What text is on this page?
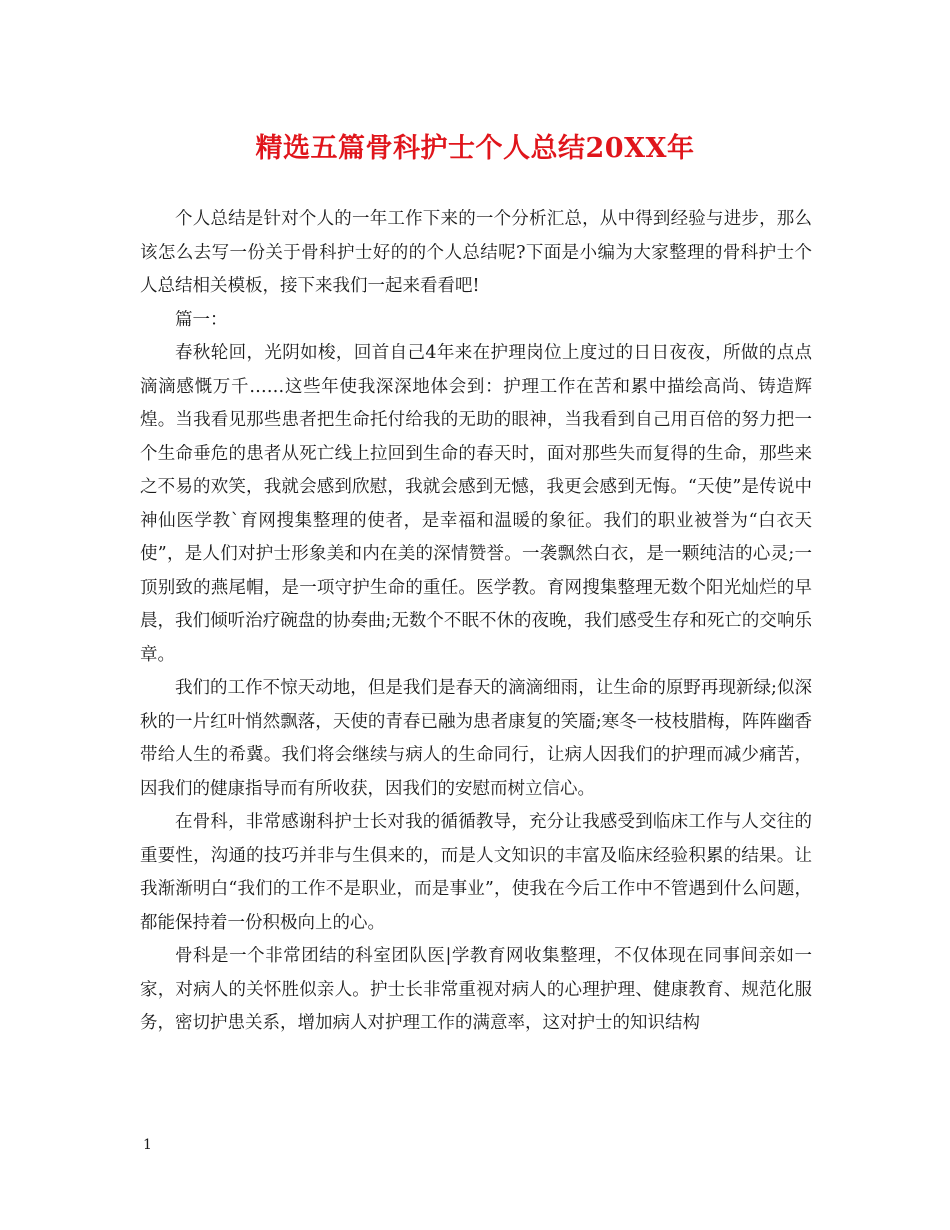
精选五篇骨科护士个人总结20XX年

个人总结是针对个人的一年工作下来的一个分析汇总，从中得到经验与进步，那么该怎么去写一份关于骨科护士好的的个人总结呢?下面是小编为大家整理的骨科护士个人总结相关模板，接下来我们一起来看看吧!

篇一：

春秋轮回，光阴如梭，回首自己4年来在护理岗位上度过的日日夜夜，所做的点点滴滴感慨万千……这些年使我深深地体会到：护理工作在苦和累中描绘高尚、铸造辉煌。当我看见那些患者把生命托付给我的无助的眼神，当我看到自己用百倍的努力把一个生命垂危的患者从死亡线上拉回到生命的春天时，面对那些失而复得的生命，那些来之不易的欢笑，我就会感到欣慰，我就会感到无憾，我更会感到无悔。“天使”是传说中神仙医学教`育网搜集整理的使者，是幸福和温暖的象征。我们的职业被誉为“白衣天使”，是人们对护士形象美和内在美的深情赞誉。一袭飘然白衣，是一颗纯洁的心灵;一顶别致的燕尾帽，是一项守护生命的重任。医学教。育网搜集整理无数个阳光灿烂的早晨，我们倾听治疗碗盘的协奏曲;无数个不眠不休的夜晚，我们感受生存和死亡的交响乐章。

我们的工作不惊天动地，但是我们是春天的滴滴细雨，让生命的原野再现新绿;似深秋的一片红叶悄然飘落，天使的青春已融为患者康复的笑靥;寒冬一枝枝腊梅，阵阵幽香带给人生的希冀。我们将会继续与病人的生命同行，让病人因我们的护理而减少痛苦，因我们的健康指导而有所收获，因我们的安慰而树立信心。

在骨科，非常感谢科护士长对我的循循教导，充分让我感受到临床工作与人交往的重要性，沟通的技巧并非与生俱来的，而是人文知识的丰富及临床经验积累的结果。让我渐渐明白“我们的工作不是职业，而是事业”，使我在今后工作中不管遇到什么问题，都能保持着一份积极向上的心。

骨科是一个非常团结的科室团队医|学教育网收集整理，不仅体现在同事间亲如一家，对病人的关怀胜似亲人。护士长非常重视对病人的心理护理、健康教育、规范化服务，密切护患关系，增加病人对护理工作的满意率，这对护士的知识结构

1
